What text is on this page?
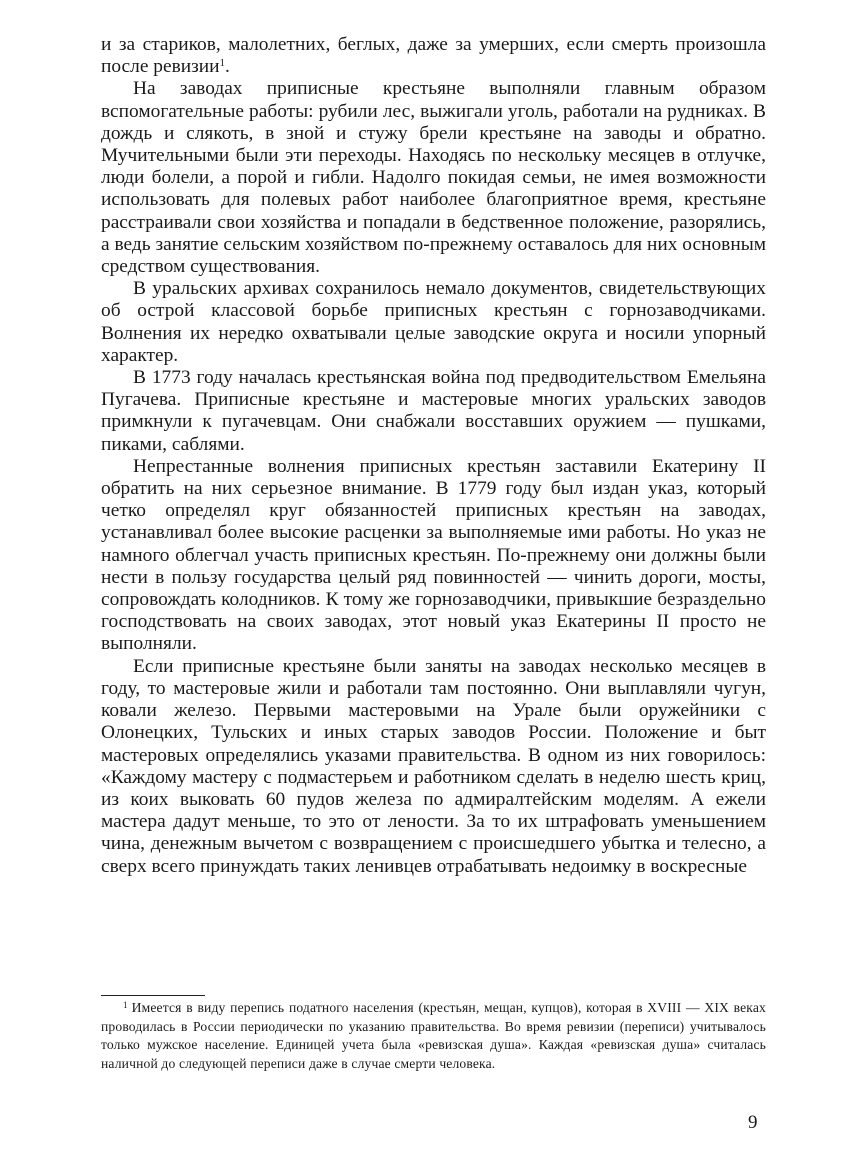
и за стариков, малолетних, беглых, даже за умерших, если смерть произошла после ревизии$^1$.

На заводах приписные крестьяне выполняли главным образом вспомогательные работы: рубили лес, выжигали уголь, работали на рудниках. В дождь и слякоть, в зной и стужу брели крестьяне на заводы и обратно. Мучительными были эти переходы. Находясь по нескольку месяцев в отлучке, люди болели, а порой и гибли. Надолго покидая семьи, не имея возможности использовать для полевых работ наиболее благоприятное время, крестьяне расстраивали свои хозяйства и попадали в бедственное положение, разорялись, а ведь занятие сельским хозяйством по-прежнему оставалось для них основным средством существования.

В уральских архивах сохранилось немало документов, свидетельствующих об острой классовой борьбе приписных крестьян с горнозаводчиками. Волнения их нередко охватывали целые заводские округа и носили упорный характер.

В 1773 году началась крестьянская война под предводительством Емельяна Пугачева. Приписные крестьяне и мастеровые многих уральских заводов примкнули к пугачевцам. Они снабжали восставших оружием — пушками, пиками, саблями.

Непрестанные волнения приписных крестьян заставили Екатерину II обратить на них серьезное внимание. В 1779 году был издан указ, который четко определял круг обязанностей приписных крестьян на заводах, устанавливал более высокие расценки за выполняемые ими работы. Но указ не намного облегчал участь приписных крестьян. По-прежнему они должны были нести в пользу государства целый ряд повинностей — чинить дороги, мосты, сопровождать колодников. К тому же горнозаводчики, привыкшие безраздельно господствовать на своих заводах, этот новый указ Екатерины II просто не выполняли.

Если приписные крестьяне были заняты на заводах несколько месяцев в году, то мастеровые жили и работали там постоянно. Они выплавляли чугун, ковали железо. Первыми мастеровыми на Урале были оружейники с Олонецких, Тульских и иных старых заводов России. Положение и быт мастеровых определялись указами правительства. В одном из них говорилось: «Каждому мастеру с подмастерьем и работником сделать в неделю шесть криц, из коих выковать 60 пудов железа по адмиралтейским моделям. А ежели мастера дадут меньше, то это от лености. За то их штрафовать уменьшением чина, денежным вычетом с возвращением с происшедшего убытка и телесно, а сверх всего принуждать таких ленивцев отрабатывать недоимку в воскресные

$^1$ Имеется в виду перепись податного населения (крестьян, мещан, купцов), которая в XVIII — XIX веках проводилась в России периодически по указанию правительства. Во время ревизии (переписи) учитывалось только мужское население. Единицей учета была «ревизская душа». Каждая «ревизская душа» считалась наличной до следующей переписи даже в случае смерти человека.

9
